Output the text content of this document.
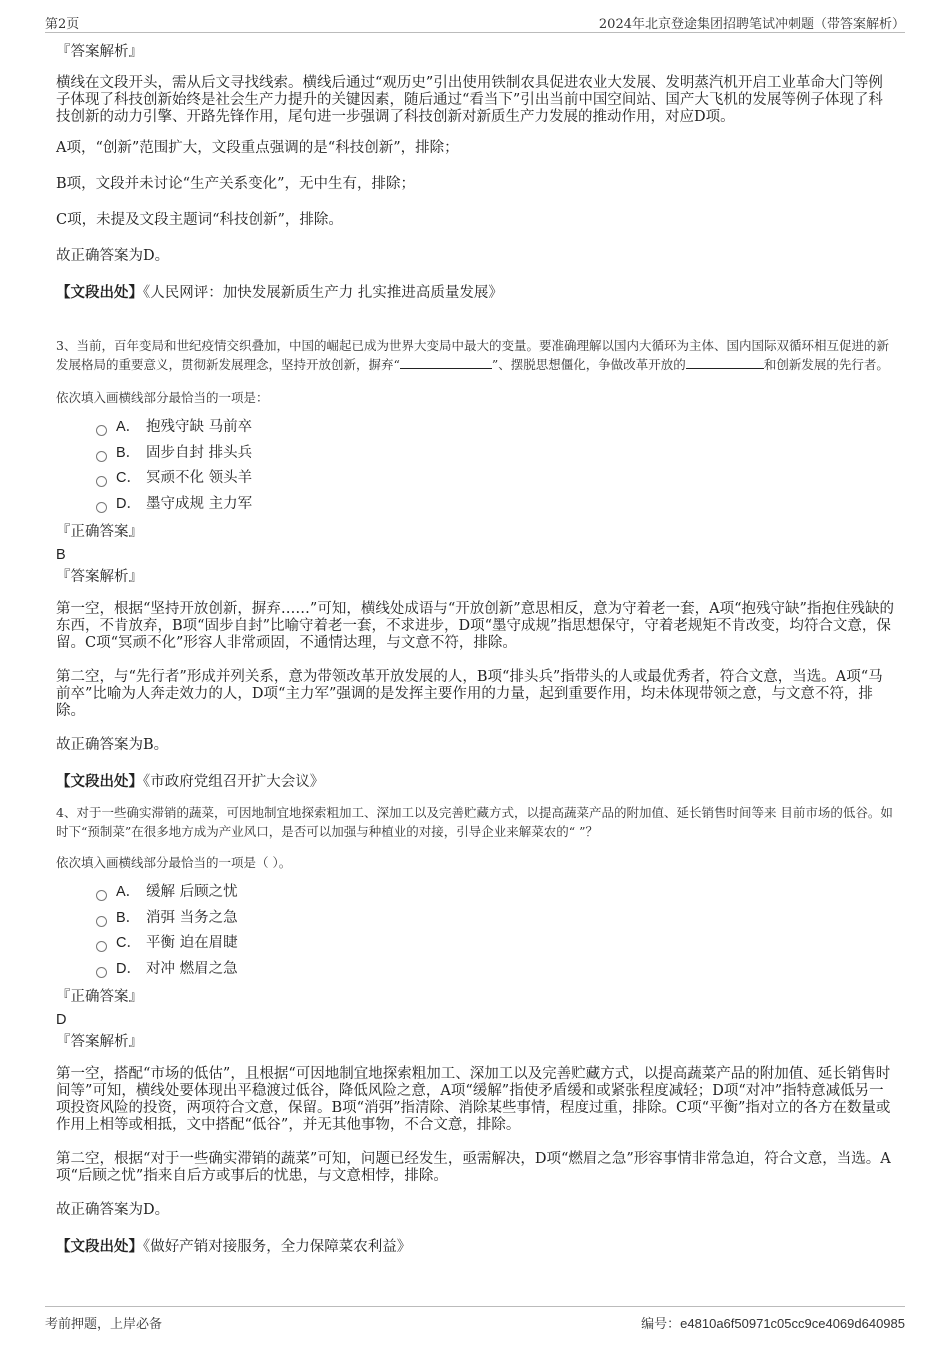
第2页	2024年北京登途集团招聘笔试冲刺题（带答案解析）
『答案解析』

横线在文段开头，需从后文寻找线索。横线后通过“观历史”引出使用铁制农具促进农业大发展、发明蒸汽机开启工业革命大门等例子体现了科技创新始终是社会生产力提升的关键因素，随后通过“看当下”引出当前中国空间站、国产大飞机的发展等例子体现了科技创新的动力引擎、开路先锋作用，尾句进一步强调了科技创新对新质生产力发展的推动作用，对应D项。

A项，“创新”范围扩大，文段重点强调的是“科技创新”，排除；

B项，文段并未讨论“生产关系变化”，无中生有，排除；

C项，未提及文段主题词“科技创新”，排除。

故正确答案为D。

【文段出处】《人民网评：加快发展新质生产力 扎实推进高质量发展》

3、当前，百年变局和世纪疫情交织叠加，中国的崛起已成为世界大变局中最大的变量。要准确理解以国内大循环为主体、国内国际双循环相互促进的新发展格局的重要意义，贯彻新发展理念，坚持开放创新，摒弃“	”、摆脱思想僵化，争做改革开放的	和创新发展的先行者。
依次填入画横线部分最恰当的一项是：
A． 抱残守缺 马前卒
B． 固步自封 排头兵
C． 冥顽不化 领头羊
D． 墨守成规 主力军
『正确答案』
B
『答案解析』

第一空，根据“坚持开放创新，摒弃……”可知，横线处成语与“开放创新”意思相反，意为守着老一套，A项“抱残守缺”指抱住残缺的东西，不肯放弃，B项“固步自封”比喻守着老一套，不求进步，D项“墨守成规”指思想保守，守着老规矩不肯改变，均符合文意，保留。C项“冥顽不化”形容人非常顽固，不通情达理，与文意不符，排除。

第二空，与“先行者”形成并列关系，意为带领改革开放发展的人，B项“排头兵”指带头的人或最优秀者，符合文意，当选。A项“马前卒”比喻为人奔走效力的人，D项“主力军”强调的是发挥主要作用的力量，起到重要作用，均未体现带领之意，与文意不符，排除。

故正确答案为B。

【文段出处】《市政府党组召开扩大会议》

4、对于一些确实滞销的蔬菜，可因地制宜地探索粗加工、深加工以及完善贮藏方式，以提高蔬菜产品的附加值、延长销售时间等来 目前市场的低谷。如时下“预制菜”在很多地方成为产业风口，是否可以加强与种植业的对接，引导企业来解菜农的“ ”？
依次填入画横线部分最恰当的一项是（ ）。
A． 缓解 后顾之忧
B． 消弭 当务之急
C． 平衡 迫在眉睫
D． 对冲 燃眉之急
『正确答案』
D
『答案解析』

第一空，搭配“市场的低估”，且根据“可因地制宜地探索粗加工、深加工以及完善贮藏方式，以提高蔬菜产品的附加值、延长销售时间等”可知，横线处要体现出平稳渡过低谷，降低风险之意，A项“缓解”指使矛盾缓和或紧张程度减轻；D项“对冲”指特意减低另一项投资风险的投资，两项符合文意，保留。B项“消弭”指清除、消除某些事情，程度过重，排除。C项“平衡”指对立的各方在数量或作用上相等或相抵，文中搭配“低谷”，并无其他事物，不合文意，排除。

第二空，根据“对于一些确实滞销的蔬菜”可知，问题已经发生，亟需解决，D项“燃眉之急”形容事情非常急迫，符合文意，当选。A项“后顾之忧”指来自后方或事后的忧患，与文意相悖，排除。

故正确答案为D。

【文段出处】《做好产销对接服务，全力保障菜农利益》

考前押题，上岸必备	编号：e4810a6f50971c05cc9ce4069d640985
